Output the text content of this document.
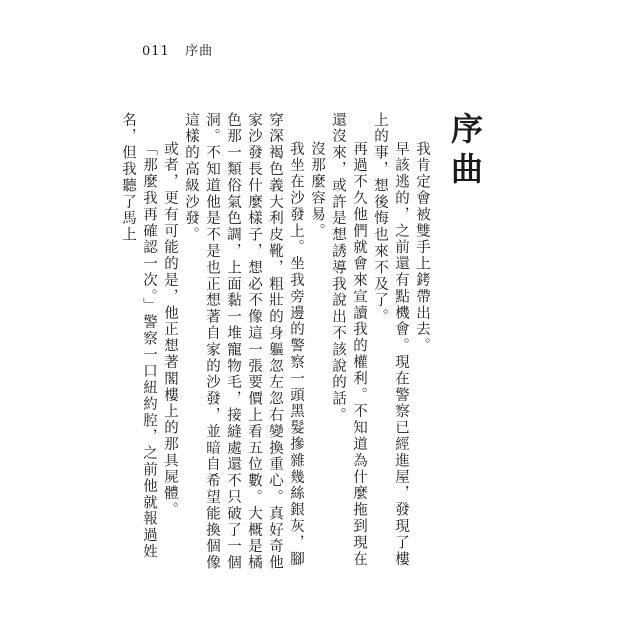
011 序曲
序曲

我肯定會被雙手上銬帶出去。

早該逃的，之前還有點機會。現在警察已經進屋，發現了樓上的事，想後悔也來不及了。

再過不久他們就會來宣讀我的權利。不知道為什麼拖到現在還沒來，或許是想誘導我說出不該說的話。

沒那麼容易。

我坐在沙發上。坐我旁邊的警察一頭黑髮摻雜幾絲銀灰，腳穿深褐色義大利皮靴，粗壯的身軀忽左忽右變換重心。真好奇他家沙發長什麼樣子，想必不像這一張要價上看五位數。大概是橘色那一類俗氣色調，上面黏一堆寵物毛，接縫處還不只破了一個洞。不知道他是不是也正想著自家的沙發，並暗自希望能換個像這樣的高級沙發。

或者，更有可能的是，他正想著閣樓上的那具屍體。

「那麼我再確認一次。」警察一口紐約腔，之前他就報過姓名，但我聽了馬上
